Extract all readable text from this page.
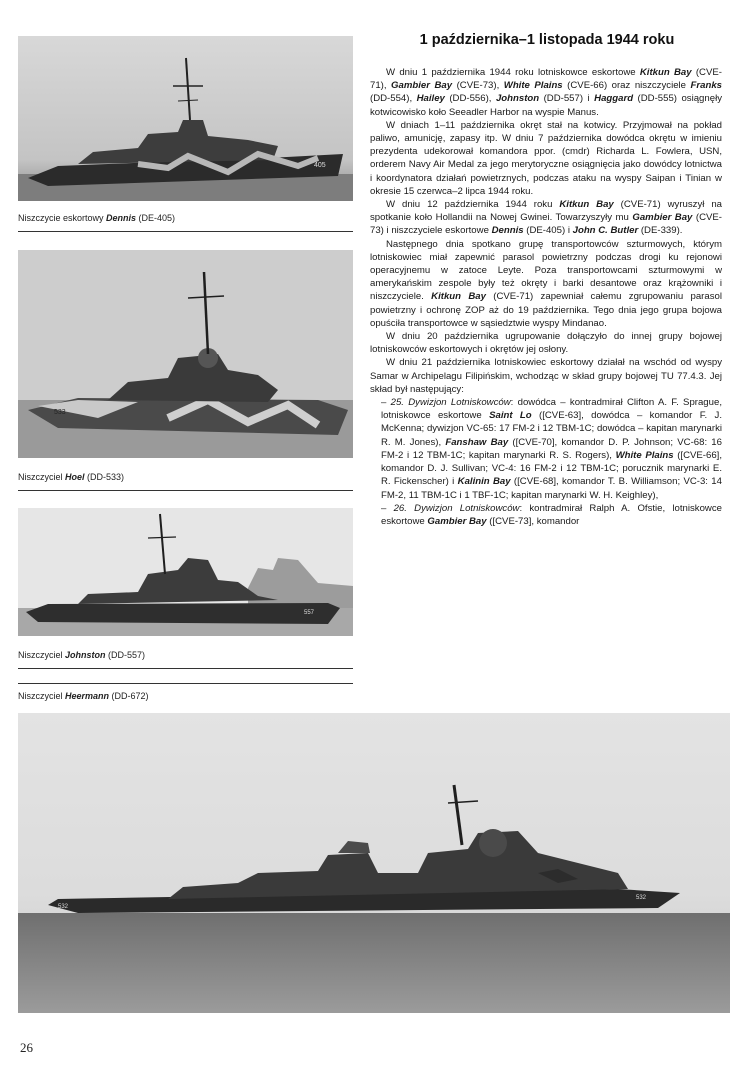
405
Niszczycie eskortowy Dennis (DE-405)
533
Niszczyciel Hoel (DD-533)
557
Niszczyciel Johnston (DD-557)
Niszczyciel Heermann (DD-672)
1 października–1 listopada 1944 roku

W dniu 1 października 1944 roku lotniskowce eskortowe Kitkun Bay (CVE-71), Gambier Bay (CVE-73), White Plains (CVE-66) oraz niszczyciele Franks (DD-554), Hailey (DD-556), Johnston (DD-557) i Haggard (DD-555) osiągnęły kotwicowisko koło Seeadler Harbor na wyspie Manus.

W dniach 1–11 października okręt stał na kotwicy. Przyjmował na pokład paliwo, amunicję, zapasy itp. W dniu 7 października dowódca okrętu w imieniu prezydenta udekorował komandora ppor. (cmdr) Richarda L. Fowlera, USN, orderem Navy Air Medal za jego merytoryczne osiągnięcia jako dowódcy lotnictwa i koordynatora działań powietrznych, podczas ataku na wyspy Saipan i Tinian w okresie 15 czerwca–2 lipca 1944 roku.

W dniu 12 października 1944 roku Kitkun Bay (CVE-71) wyruszył na spotkanie koło Hollandii na Nowej Gwinei. Towarzyszyły mu Gambier Bay (CVE-73) i niszczyciele eskortowe Dennis (DE-405) i John C. Butler (DE-339).

Następnego dnia spotkano grupę transportowców szturmowych, którym lotniskowiec miał zapewnić parasol powietrzny podczas drogi ku rejonowi operacyjnemu w zatoce Leyte. Poza transportowcami szturmowymi w amerykańskim zespole były też okręty i barki desantowe oraz krążowniki i niszczyciele. Kitkun Bay (CVE-71) zapewniał całemu zgrupowaniu parasol powietrzny i ochronę ZOP aż do 19 października. Tego dnia jego grupa bojowa opuściła transportowce w sąsiedztwie wyspy Mindanao.

W dniu 20 października ugrupowanie dołączyło do innej grupy bojowej lotniskowców eskortowych i okrętów jej osłony.

W dniu 21 października lotniskowiec eskortowy działał na wschód od wyspy Samar w Archipelagu Filipińskim, wchodząc w skład grupy bojowej TU 77.4.3. Jej skład był następujący:

– 25. Dywizjon Lotniskowców: dowódca – kontradmirał Clifton A. F. Sprague, lotniskowce eskortowe Saint Lo ([CVE-63], dowódca – komandor F. J. McKenna; dywizjon VC-65: 17 FM-2 i 12 TBM-1C; dowódca – kapitan marynarki R. M. Jones), Fanshaw Bay ([CVE-70], komandor D. P. Johnson; VC-68: 16 FM-2 i 12 TBM-1C; kapitan marynarki R. S. Rogers), White Plains ([CVE-66], komandor D. J. Sullivan; VC-4: 16 FM-2 i 12 TBM-1C; porucznik marynarki E. R. Fickenscher) i Kalinin Bay ([CVE-68], komandor T. B. Williamson; VC-3: 14 FM-2, 11 TBM-1C i 1 TBF-1C; kapitan marynarki W. H. Keighley),

– 26. Dywizjon Lotniskowców: kontradmirał Ralph A. Ofstie, lotniskowce eskortowe Gambier Bay ([CVE-73], komandor

532
532
26
